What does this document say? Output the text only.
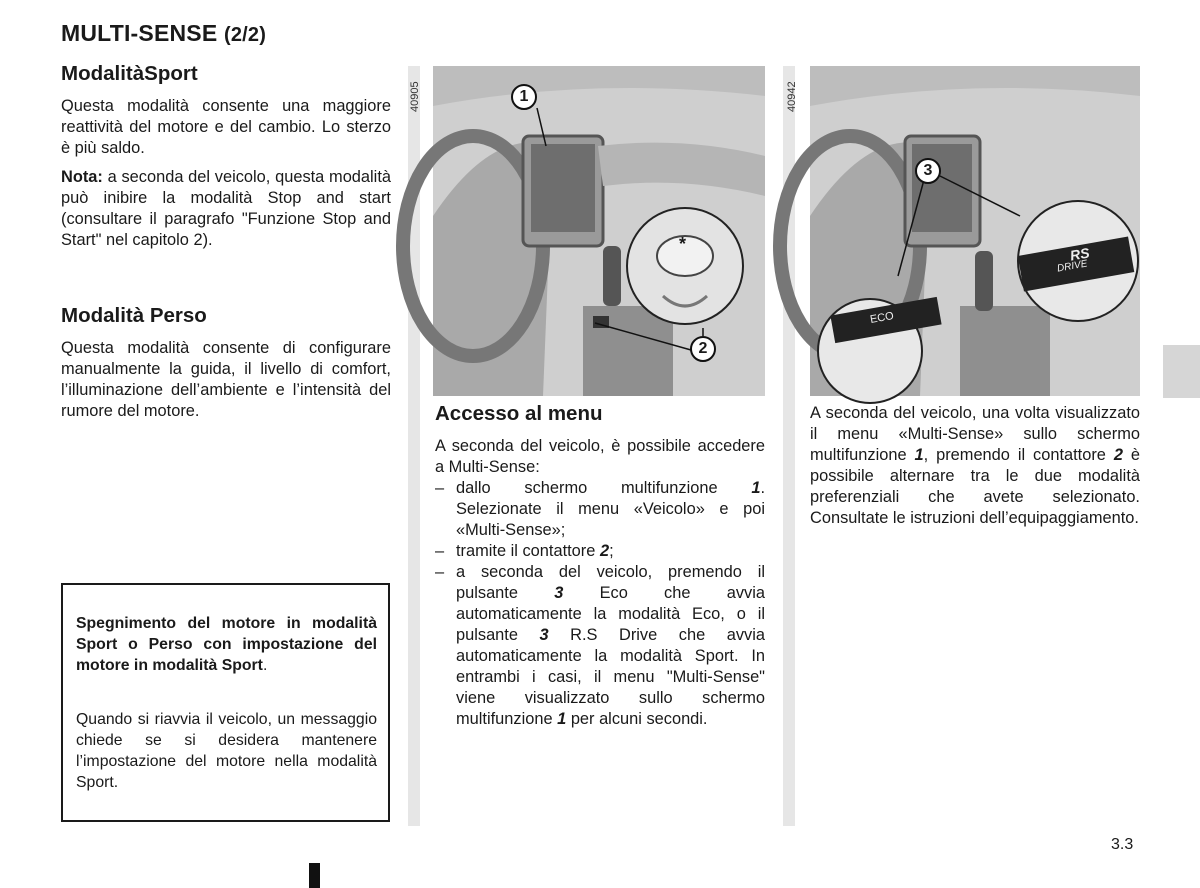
MULTI-SENSE (2/2)
ModalitàSport
Questa modalità consente una maggiore reattività del motore e del cambio. Lo sterzo è più saldo.
Nota: a seconda del veicolo, questa modalità può inibire la modalità Stop and start (consultare il paragrafo "Funzione Stop and Start" nel capitolo 2).
Modalità Perso
Questa modalità consente di configurare manualmente la guida, il livello di comfort, l’illuminazione dell’ambiente e l’intensità del rumore del motore.
Spegnimento del motore in modalità Sport o Perso con impostazione del motore in modalità Sport.
Quando si riavvia il veicolo, un messaggio chiede se si desidera mantenere l’impostazione del motore nella modalità Sport.
40905
*
1
2
40942
ECO
RS
DRIVE
3
Accesso al menu
A seconda del veicolo, è possibile accedere a Multi-Sense:
– dallo schermo multifunzione 1. Selezionate il menu «Veicolo» e poi «Multi-Sense»;
– tramite il contattore 2;
– a seconda del veicolo, premendo il pulsante 3 Eco che avvia automaticamente la modalità Eco, o il pulsante 3 R.S Drive che avvia automaticamente la modalità Sport. In entrambi i casi, il menu "Multi-Sense" viene visualizzato sullo schermo multifunzione 1 per alcuni secondi.
A seconda del veicolo, una volta visualizzato il menu «Multi-Sense» sullo schermo multifunzione 1, premendo il contattore 2 è possibile alternare tra le due modalità preferenziali che avete selezionato. Consultate le istruzioni dell’equipaggiamento.
3.3
